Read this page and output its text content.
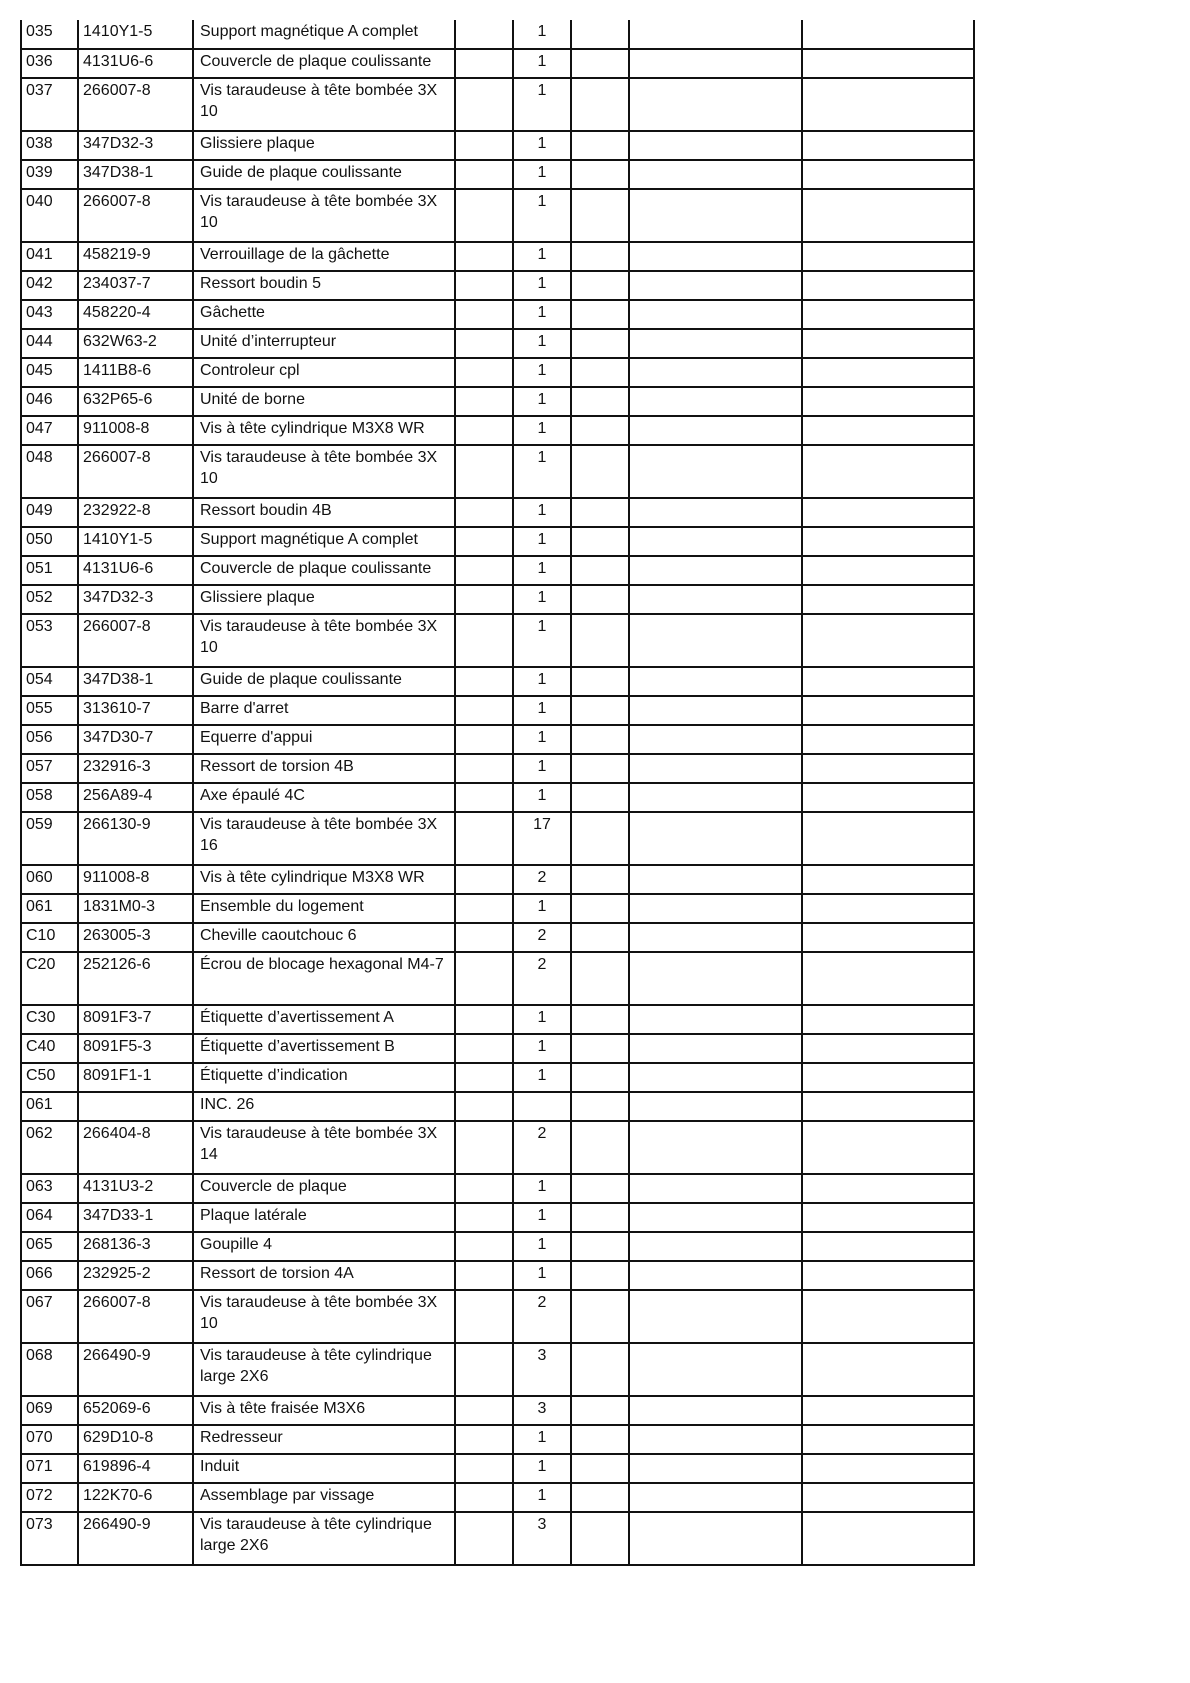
035	1410Y1-5	Support magnétique A complet		1			
036	4131U6-6	Couvercle de plaque coulissante		1			
037	266007-8	Vis taraudeuse à tête bombée 3X 10		1			
038	347D32-3	Glissiere plaque		1			
039	347D38-1	Guide de plaque coulissante		1			
040	266007-8	Vis taraudeuse à tête bombée 3X 10		1			
041	458219-9	Verrouillage de la gâchette		1			
042	234037-7	Ressort boudin 5		1			
043	458220-4	Gâchette		1			
044	632W63-2	Unité d’interrupteur		1			
045	1411B8-6	Controleur cpl		1			
046	632P65-6	Unité de borne		1			
047	911008-8	Vis à tête cylindrique M3X8 WR		1			
048	266007-8	Vis taraudeuse à tête bombée 3X 10		1			
049	232922-8	Ressort boudin 4B		1			
050	1410Y1-5	Support magnétique A complet		1			
051	4131U6-6	Couvercle de plaque coulissante		1			
052	347D32-3	Glissiere plaque		1			
053	266007-8	Vis taraudeuse à tête bombée 3X 10		1			
054	347D38-1	Guide de plaque coulissante		1			
055	313610-7	Barre d'arret		1			
056	347D30-7	Equerre d'appui		1			
057	232916-3	Ressort de torsion 4B		1			
058	256A89-4	Axe épaulé 4C		1			
059	266130-9	Vis taraudeuse à tête bombée 3X 16		17			
060	911008-8	Vis à tête cylindrique M3X8 WR		2			
061	1831M0-3	Ensemble du logement		1			
C10	263005-3	Cheville caoutchouc 6		2			
C20	252126-6	Écrou de blocage hexagonal M4-7		2			
C30	8091F3-7	Étiquette d’avertissement A		1			
C40	8091F5-3	Étiquette d’avertissement B		1			
C50	8091F1-1	Étiquette d’indication		1			
061		INC. 26					
062	266404-8	Vis taraudeuse à tête bombée 3X 14		2			
063	4131U3-2	Couvercle de plaque		1			
064	347D33-1	Plaque latérale		1			
065	268136-3	Goupille 4		1			
066	232925-2	Ressort de torsion 4A		1			
067	266007-8	Vis taraudeuse à tête bombée 3X 10		2			
068	266490-9	Vis taraudeuse à tête cylindrique large 2X6		3			
069	652069-6	Vis à tête fraisée M3X6		3			
070	629D10-8	Redresseur		1			
071	619896-4	Induit		1			
072	122K70-6	Assemblage par vissage		1			
073	266490-9	Vis taraudeuse à tête cylindrique large 2X6		3			
